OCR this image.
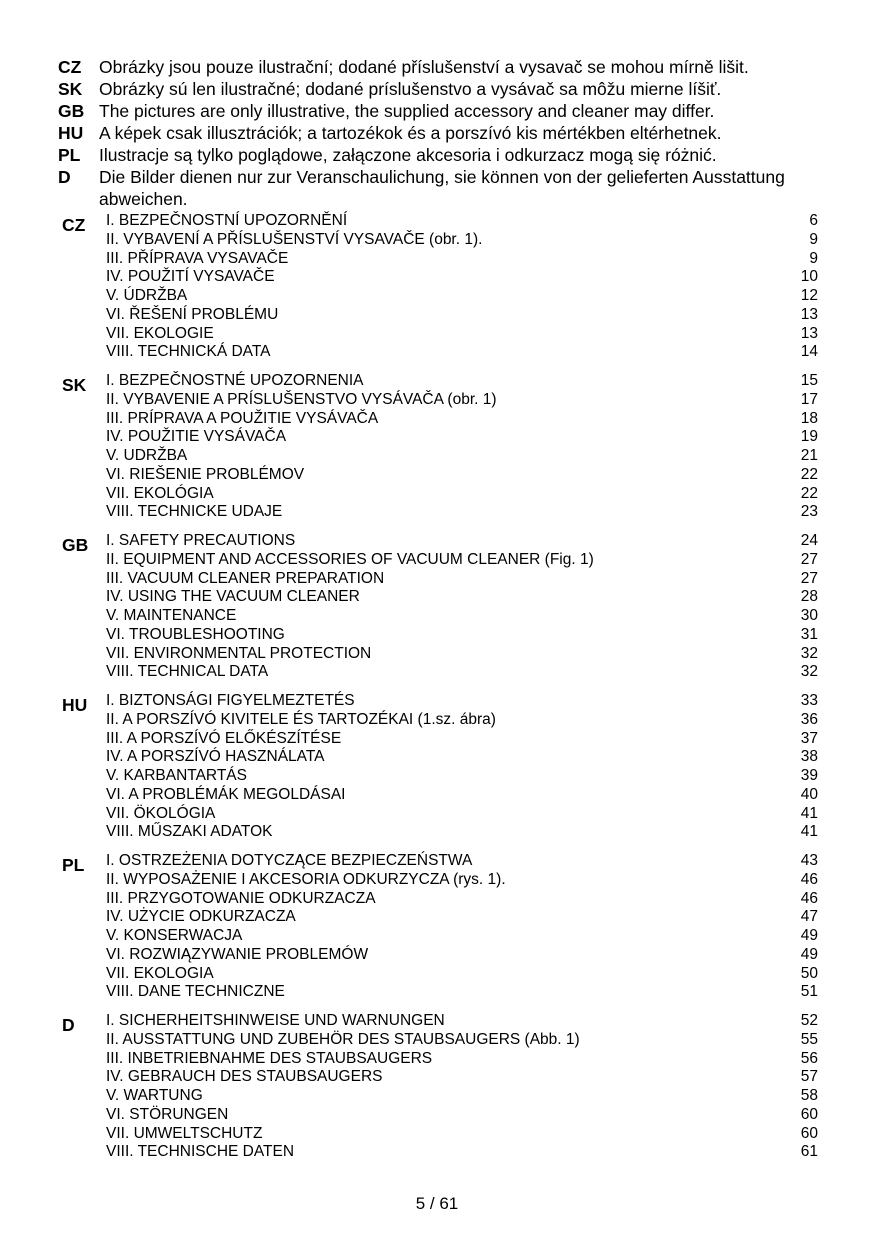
CZ	Obrázky jsou pouze ilustrační; dodané příslušenství a vysavač se mohou mírně lišit.
SK Obrázky sú len ilustračné; dodané príslušenstvo a vysávač sa môžu mierne líšiť.
GB The pictures are only illustrative, the supplied accessory and cleaner may differ.
HU A képek csak illusztrációk; a tartozékok és a porszívó kis mértékben eltérhetnek.
PL	Ilustracje są tylko poglądowe, załączone akcesoria i odkurzacz mogą się różnić.
D	Die Bilder dienen nur zur Veranschaulichung, sie können von der gelieferten Ausstattung abweichen.
CZ	I. BEZPEČNOSTNÍ UPOZORNĚNÍ	6
II. VYBAVENÍ A PŘÍSLUŠENSTVÍ VYSAVAČE (obr. 1).	9
III. PŘÍPRAVA VYSAVAČE	9
IV. POUŽITÍ VYSAVAČE	10
V. ÚDRŽBA	12
VI. ŘEŠENÍ PROBLÉMU	13
VII. EKOLOGIE	13
VIII. TECHNICKÁ DATA	14
SK	I. BEZPEČNOSTNÉ UPOZORNENIA	15
II. VYBAVENIE A PRÍSLUŠENSTVO VYSÁVAČA (obr. 1)	17
III. PRÍPRAVA A POUŽITIE VYSÁVAČA	18
IV. POUŽITIE VYSÁVAČA	19
V. UDRŽBA	21
VI. RIEŠENIE PROBLÉMOV	22
VII. EKOLÓGIA	22
VIII. TECHNICKE UDAJE	23
GB	I. SAFETY PRECAUTIONS	24
II. EQUIPMENT AND ACCESSORIES OF VACUUM CLEANER (Fig. 1)	27
III. VACUUM CLEANER PREPARATION	27
IV. USING THE VACUUM CLEANER	28
V. MAINTENANCE	30
VI. TROUBLESHOOTING	31
VII. ENVIRONMENTAL PROTECTION	32
VIII. TECHNICAL DATA	32
HU	I. BIZTONSÁGI FIGYELMEZTETÉS	33
II. A PORSZÍVÓ KIVITELE ÉS TARTOZÉKAI (1.sz. ábra)	36
III. A PORSZÍVÓ ELŐKÉSZÍTÉSE	37
IV. A PORSZÍVÓ HASZNÁLATA	38
V. KARBANTARTÁS	39
VI. A PROBLÉMÁK MEGOLDÁSAI	40
VII. ÖKOLÓGIA	41
VIII. MŰSZAKI ADATOK	41
PL	I. OSTRZEŻENIA DOTYCZĄCE BEZPIECZEŃSTWA	43
II. WYPOSAŻENIE I AKCESORIA ODKURZYCZA (rys. 1).	46
III. PRZYGOTOWANIE ODKURZACZA	46
IV. UŻYCIE ODKURZACZA	47
V. KONSERWACJA	49
VI. ROZWIĄZYWANIE PROBLEMÓW	49
VII. EKOLOGIA	50
VIII. DANE TECHNICZNE	51
D	I. SICHERHEITSHINWEISE UND WARNUNGEN	52
II. AUSSTATTUNG UND ZUBEHÖR DES STAUBSAUGERS (Abb. 1)	55
III. INBETRIEBNAHME DES STAUBSAUGERS	56
IV. GEBRAUCH DES STAUBSAUGERS	57
V. WARTUNG	58
VI. STÖRUNGEN	60
VII. UMWELTSCHUTZ	60
VIII. TECHNISCHE DATEN	61
5 / 61
